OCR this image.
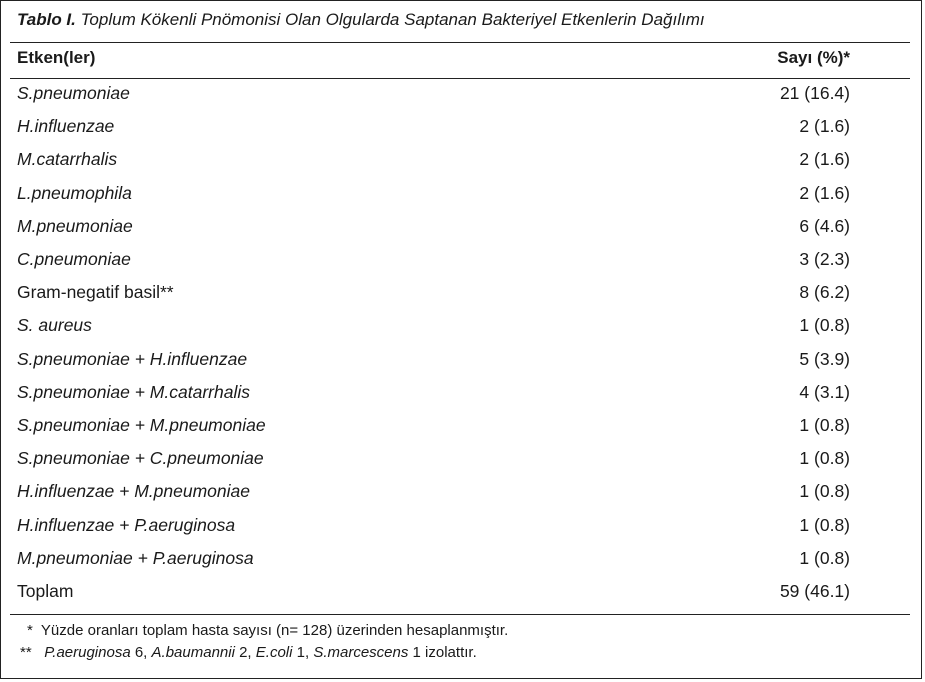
Tablo I. Toplum Kökenli Pnömonisi Olan Olgularda Saptanan Bakteriyel Etkenlerin Dağılımı
Etken(ler)	Sayı (%)*
S.pneumoniae	21 (16.4)
H.influenzae	2 (1.6)
M.catarrhalis	2 (1.6)
L.pneumophila	2 (1.6)
M.pneumoniae	6 (4.6)
C.pneumoniae	3 (2.3)
Gram-negatif basil**	8 (6.2)
S. aureus	1 (0.8)
S.pneumoniae + H.influenzae	5 (3.9)
S.pneumoniae + M.catarrhalis	4 (3.1)
S.pneumoniae + M.pneumoniae	1 (0.8)
S.pneumoniae + C.pneumoniae	1 (0.8)
H.influenzae + M.pneumoniae	1 (0.8)
H.influenzae + P.aeruginosa	1 (0.8)
M.pneumoniae + P.aeruginosa	1 (0.8)
Toplam	59 (46.1)
* Yüzde oranları toplam hasta sayısı (n= 128) üzerinden hesaplanmıştır.
** P.aeruginosa 6, A.baumannii 2, E.coli 1, S.marcescens 1 izolattır.
